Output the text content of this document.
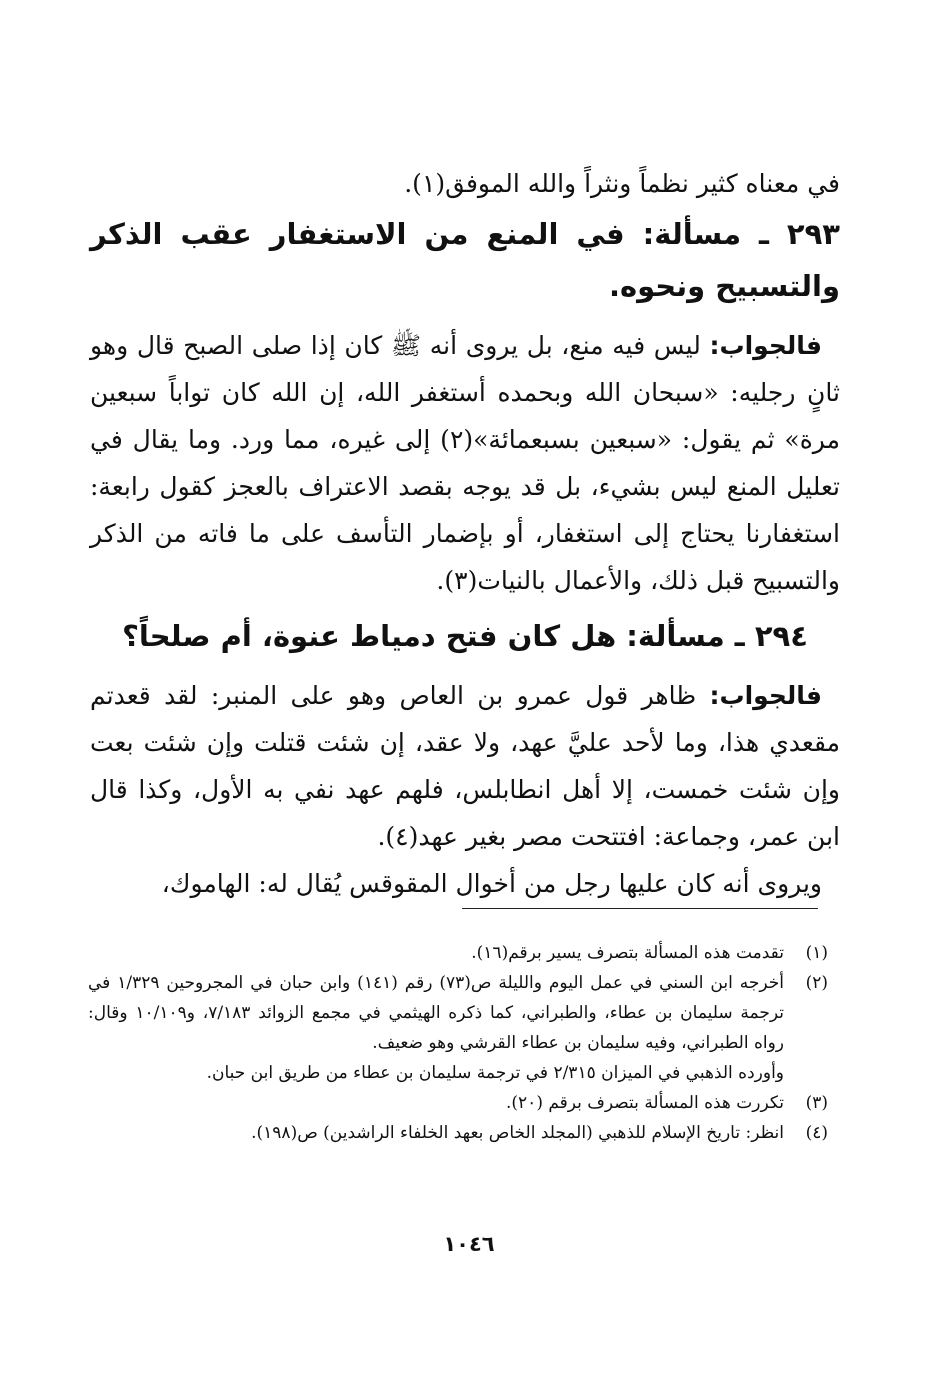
في معناه كثير نظماً ونثراً والله الموفق(١).

٢٩٣ ـ مسألة: في المنع من الاستغفار عقب الذكر والتسبيح ونحوه.

فالجواب: ليس فيه منع، بل يروى أنه ﷺ كان إذا صلى الصبح قال وهو ثانٍ رجليه: «سبحان الله وبحمده أستغفر الله، إن الله كان تواباً سبعين مرة» ثم يقول: «سبعين بسبعمائة»(٢) إلى غيره، مما ورد. وما يقال في تعليل المنع ليس بشيء، بل قد يوجه بقصد الاعتراف بالعجز كقول رابعة: استغفارنا يحتاج إلى استغفار، أو بإضمار التأسف على ما فاته من الذكر والتسبيح قبل ذلك، والأعمال بالنيات(٣).

٢٩٤ ـ مسألة: هل كان فتح دمياط عنوة، أم صلحاً؟

فالجواب: ظاهر قول عمرو بن العاص وهو على المنبر: لقد قعدتم مقعدي هذا، وما لأحد عليَّ عهد، ولا عقد، إن شئت قتلت وإن شئت بعت وإن شئت خمست، إلا أهل انطابلس، فلهم عهد نفي به الأول، وكذا قال ابن عمر، وجماعة: افتتحت مصر بغير عهد(٤).

ويروى أنه كان عليها رجل من أخوال المقوقس يُقال له: الهاموك،

(١)
تقدمت هذه المسألة بتصرف يسير برقم(١٦).
(٢)
أخرجه ابن السني في عمل اليوم والليلة ص(٧٣) رقم (١٤١) وابن حبان في المجروحين ١/٣٢٩ في ترجمة سليمان بن عطاء، والطبراني، كما ذكره الهيثمي في مجمع الزوائد ٧/١٨٣، و١٠/١٠٩ وقال: رواه الطبراني، وفيه سليمان بن عطاء القرشي وهو ضعيف.
وأورده الذهبي في الميزان ٢/٣١٥ في ترجمة سليمان بن عطاء من طريق ابن حبان.
(٣)
تكررت هذه المسألة بتصرف برقم (٢٠).
(٤)
انظر: تاريخ الإسلام للذهبي (المجلد الخاص بعهد الخلفاء الراشدين) ص(١٩٨).
١٠٤٦
